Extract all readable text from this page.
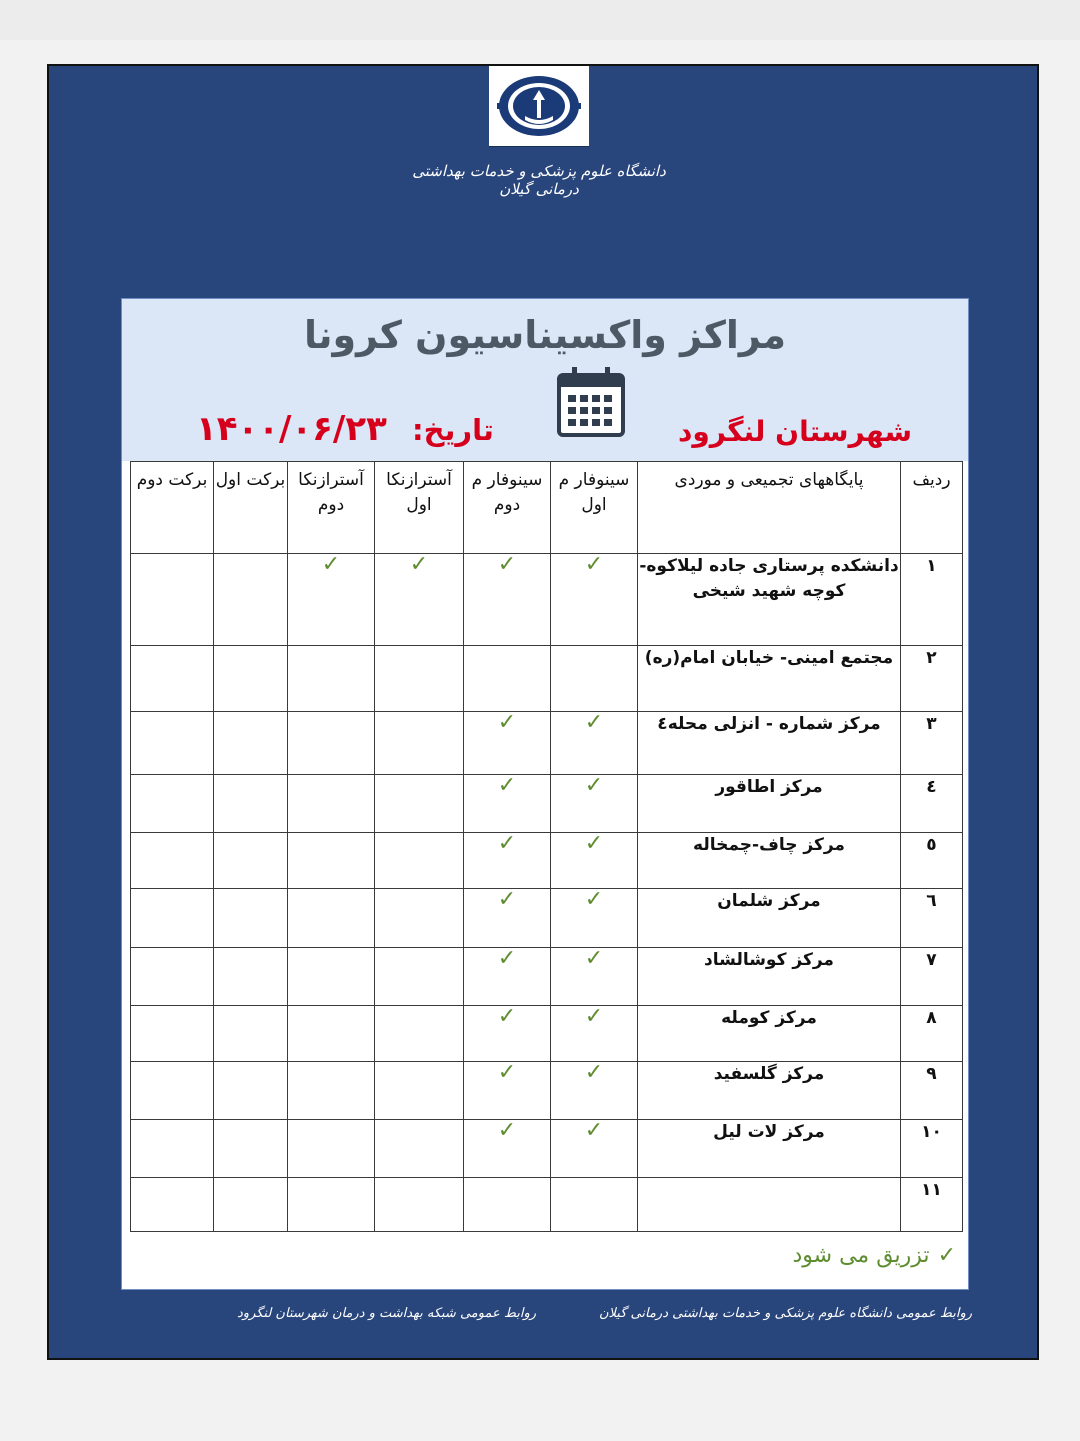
دانشگاه علوم پزشکی و خدمات بهداشتی درمانی گیلان
مراکز واکسیناسیون کرونا
شهرستان لنگرود
تاریخ:
۱۴۰۰/۰۶/۲۳
ردیف	پایگاههای تجمیعی و موردی	سینوفار م اول	سینوفار م دوم	آسترازنکا اول	آسترازنکا دوم	برکت اول	برکت دوم
۱	دانشکده پرستاری جاده لیلاکوه- کوچه شهید شیخی	✓	✓	✓	✓		
۲	مجتمع امینی- خیابان امام(ره)						
۳	مرکز شماره - انزلی محله٤	✓	✓				
٤	مرکز اطاقور	✓	✓				
٥	مرکز چاف-چمخاله	✓	✓				
٦	مرکز شلمان	✓	✓				
۷	مرکز کوشالشاد	✓	✓				
۸	مرکز کومله	✓	✓				
۹	مرکز گلسفید	✓	✓				
۱۰	مرکز لات لیل	✓	✓				
۱۱							
✓تزریق می شود
روابط عمومی دانشگاه علوم پزشکی و خدمات بهداشتی درمانی گیلان
روابط عمومی شبکه بهداشت و درمان شهرستان لنگرود
